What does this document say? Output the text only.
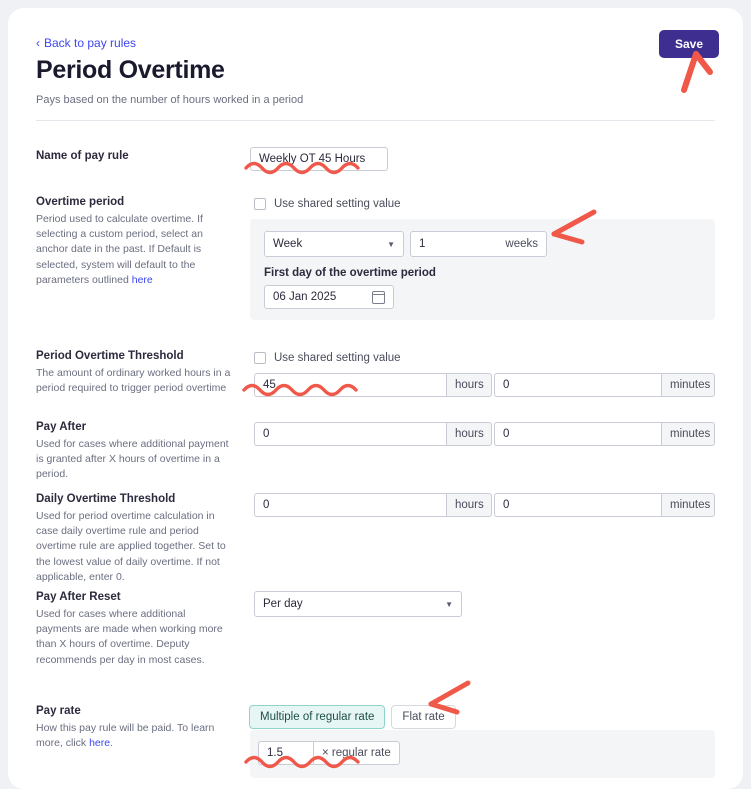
‹ Back to pay rules
Period Overtime
Pays based on the number of hours worked in a period
Save
Name of pay rule	Weekly OT 45 Hours
Overtime period
Period used to calculate overtime. If selecting a custom period, select an anchor date in the past. If Default is selected, system will default to the parameters outlined here
Use shared setting value
Week	▼ 1	weeks
First day of the overtime period
06 Jan 2025
Period Overtime Threshold
The amount of ordinary worked hours in a period required to trigger period overtime
Use shared setting value
45	hours	0	minutes
Pay After
Used for cases where additional payment is granted after X hours of overtime in a period.
0	hours	0	minutes
Daily Overtime Threshold
Used for period overtime calculation in case daily overtime rule and period overtime rule are applied together. Set to the lowest value of daily overtime. If not applicable, enter 0.
0	hours	0	minutes
Pay After Reset
Used for cases where additional payments are made when working more than X hours of overtime. Deputy recommends per day in most cases.
Per day	▼
Pay rate
How this pay rule will be paid. To learn more, click here.
Multiple of regular rate	Flat rate
1.5	× regular rate
